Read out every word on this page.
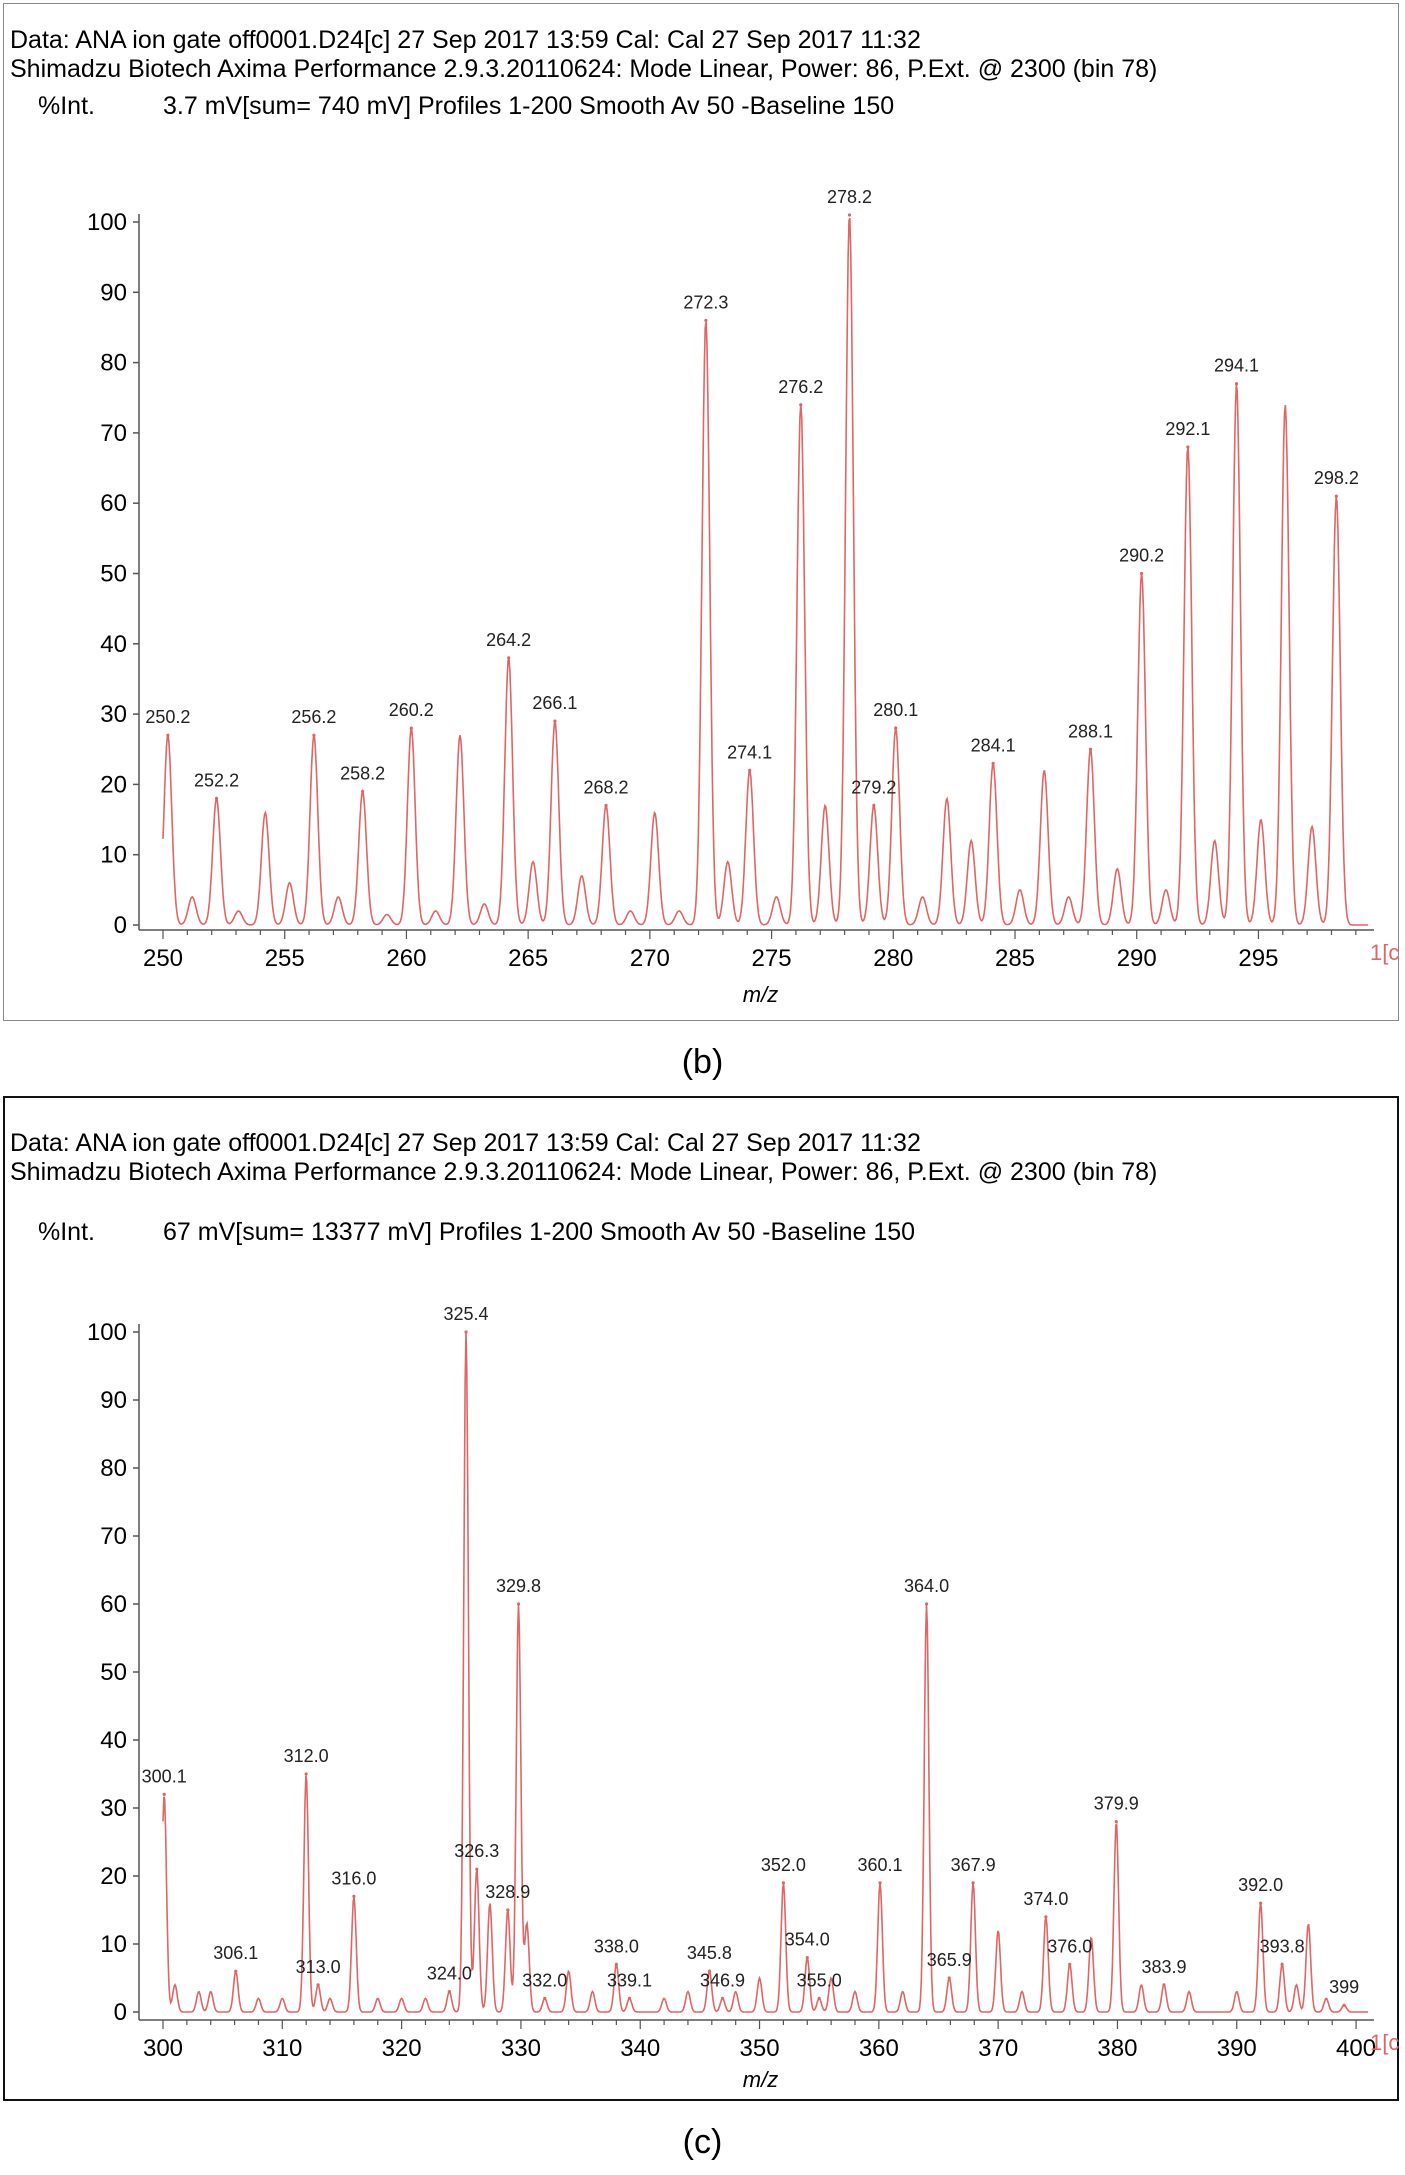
Data: ANA ion gate off0001.D24[c] 27 Sep 2017 13:59 Cal: Cal 27 Sep 2017 11:32
Shimadzu Biotech Axima Performance 2.9.3.20110624: Mode Linear, Power: 86, P.Ext. @ 2300 (bin 78)
%Int.	3.7 mV[sum= 740 mV] Profiles 1-200 Smooth Av 50 -Baseline 150
0
10
20
30
40
50
60
70
80
90
100
250	255	260	265	270	275	280	285	290	295
m/z
1[c
250.2
252.2
256.2
258.2
260.2
264.2
266.1
268.2
272.3
274.1
276.2
278.2
279.2
280.1
284.1
288.1
290.2
292.1
294.1
298.2
(b)
Data: ANA ion gate off0001.D24[c] 27 Sep 2017 13:59 Cal: Cal 27 Sep 2017 11:32
Shimadzu Biotech Axima Performance 2.9.3.20110624: Mode Linear, Power: 86, P.Ext. @ 2300 (bin 78)
%Int.	67 mV[sum= 13377 mV] Profiles 1-200 Smooth Av 50 -Baseline 150
0
10
20
30
40
50
60
70
80
90
100
300	310	320	330	340	350	360	370	380	390	400
m/z
1[c
300.1
306.1
312.0
313.0
316.0
324.0
325.4
326.3
328.9
329.8
332.0
338.0
339.1
345.8
346.9
352.0
354.0
355.0
360.1
364.0
365.9
367.9
374.0
376.0
379.9
383.9
392.0
393.8
399
(c)
